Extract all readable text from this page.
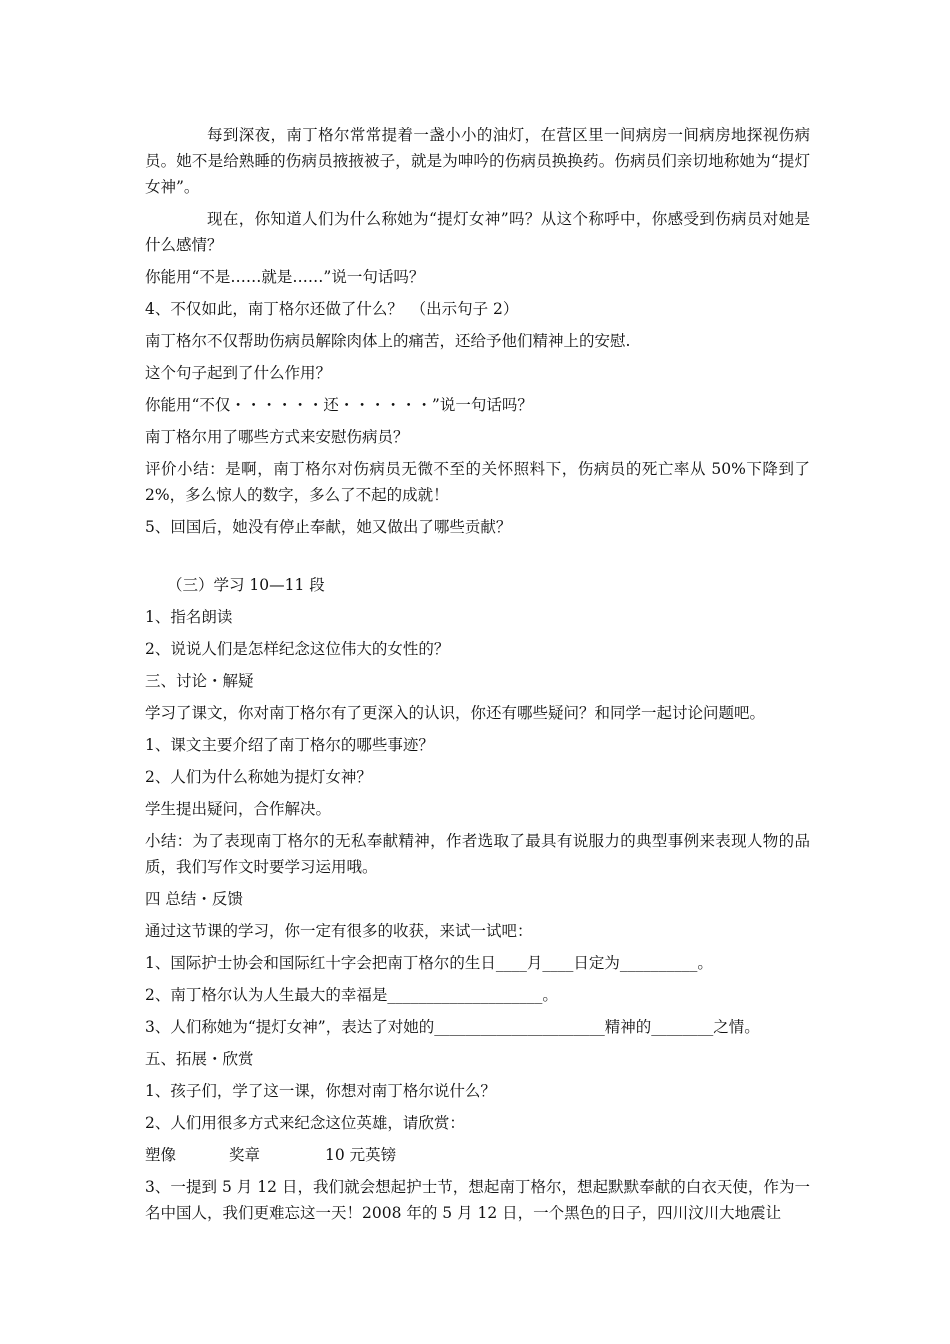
每到深夜，南丁格尔常常提着一盏小小的油灯，在营区里一间病房一间病房地探视伤病员。她不是给熟睡的伤病员掖掖被子，就是为呻吟的伤病员换换药。伤病员们亲切地称她为“提灯女神”。

现在，你知道人们为什么称她为“提灯女神”吗？从这个称呼中，你感受到伤病员对她是什么感情？

你能用“不是……就是……”说一句话吗？

4、不仅如此，南丁格尔还做了什么？　（出示句子 2）

南丁格尔不仅帮助伤病员解除肉体上的痛苦，还给予他们精神上的安慰.

这个句子起到了什么作用？

你能用“不仅・・・・・・还・・・・・・”说一句话吗？

南丁格尔用了哪些方式来安慰伤病员？

评价小结：是啊，南丁格尔对伤病员无微不至的关怀照料下，伤病员的死亡率从 50%下降到了 2%，多么惊人的数字，多么了不起的成就！

5、回国后，她没有停止奉献，她又做出了哪些贡献？

（三）学习 10—11 段

1、指名朗读

2、说说人们是怎样纪念这位伟大的女性的？

三、讨论・解疑

学习了课文，你对南丁格尔有了更深入的认识，你还有哪些疑问？和同学一起讨论问题吧。

1、课文主要介绍了南丁格尔的哪些事迹？

2、人们为什么称她为提灯女神？

学生提出疑问，合作解决。

小结：为了表现南丁格尔的无私奉献精神，作者选取了最具有说服力的典型事例来表现人物的品质，我们写作文时要学习运用哦。

四 总结・反馈

通过这节课的学习，你一定有很多的收获，来试一试吧：

1、国际护士协会和国际红十字会把南丁格尔的生日____月____日定为__________。

2、南丁格尔认为人生最大的幸福是____________________。

3、人们称她为“提灯女神”，表达了对她的______________________精神的________之情。

五、拓展・欣赏

1、孩子们，学了这一课，你想对南丁格尔说什么？

2、人们用很多方式来纪念这位英雄，请欣赏：

塑像	奖章	10 元英镑

3、一提到 5 月 12 日，我们就会想起护士节，想起南丁格尔，想起默默奉献的白衣天使，作为一名中国人，我们更难忘这一天！2008 年的 5 月 12 日，一个黑色的日子，四川汶川大地震让
